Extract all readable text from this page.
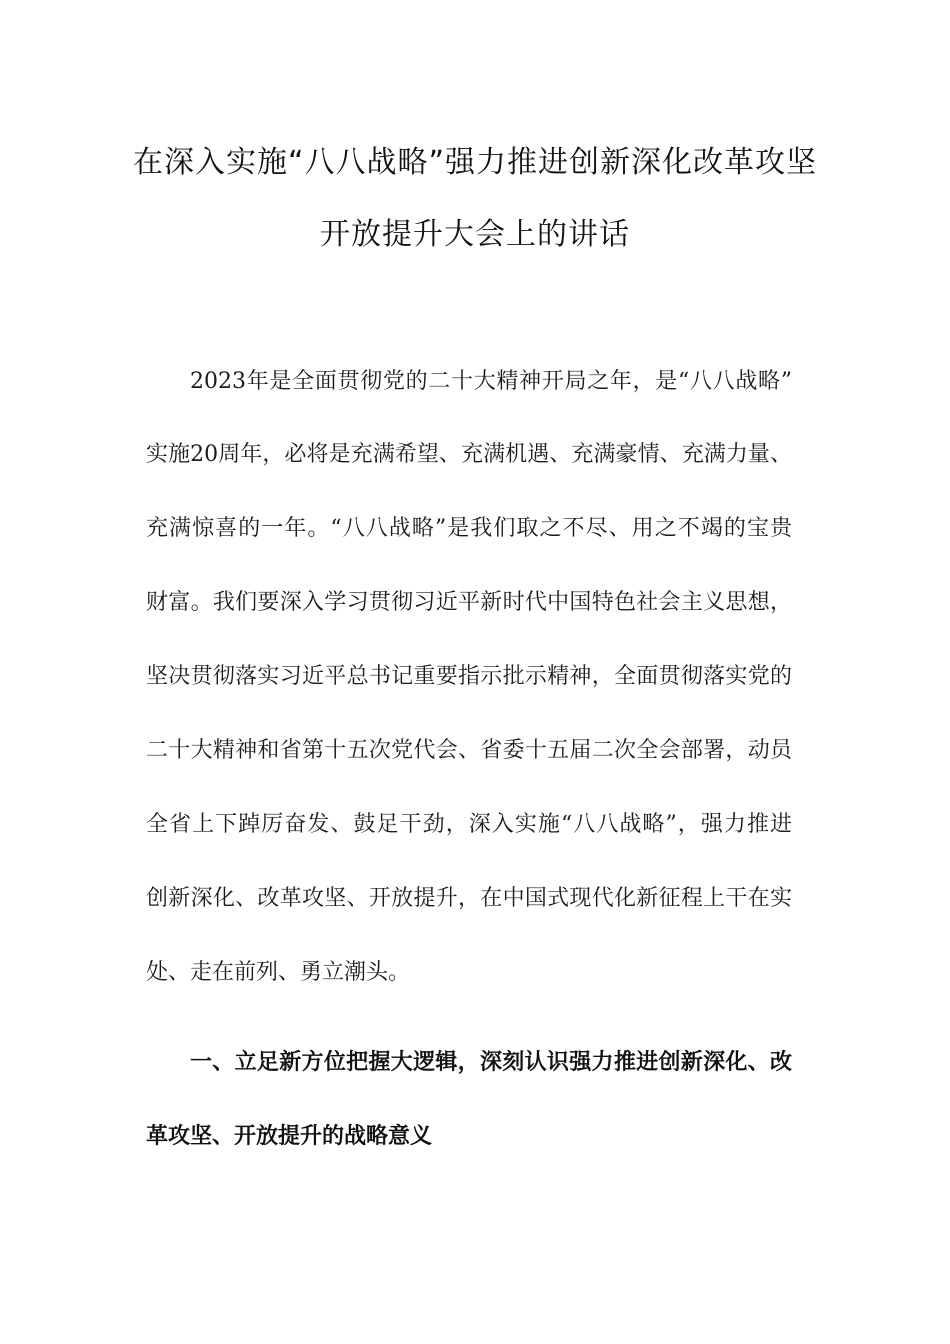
在深入实施“八八战略”强力推进创新深化改革攻坚
开放提升大会上的讲话
2023年是全面贯彻党的二十大精神开局之年，是“八八战略”
实施20周年，必将是充满希望、充满机遇、充满豪情、充满力量、
充满惊喜的一年。“八八战略”是我们取之不尽、用之不竭的宝贵
财富。我们要深入学习贯彻习近平新时代中国特色社会主义思想，
坚决贯彻落实习近平总书记重要指示批示精神，全面贯彻落实党的
二十大精神和省第十五次党代会、省委十五届二次全会部署，动员
全省上下踔厉奋发、鼓足干劲，深入实施“八八战略”，强力推进
创新深化、改革攻坚、开放提升，在中国式现代化新征程上干在实
处、走在前列、勇立潮头。
一、立足新方位把握大逻辑，深刻认识强力推进创新深化、改
革攻坚、开放提升的战略意义
